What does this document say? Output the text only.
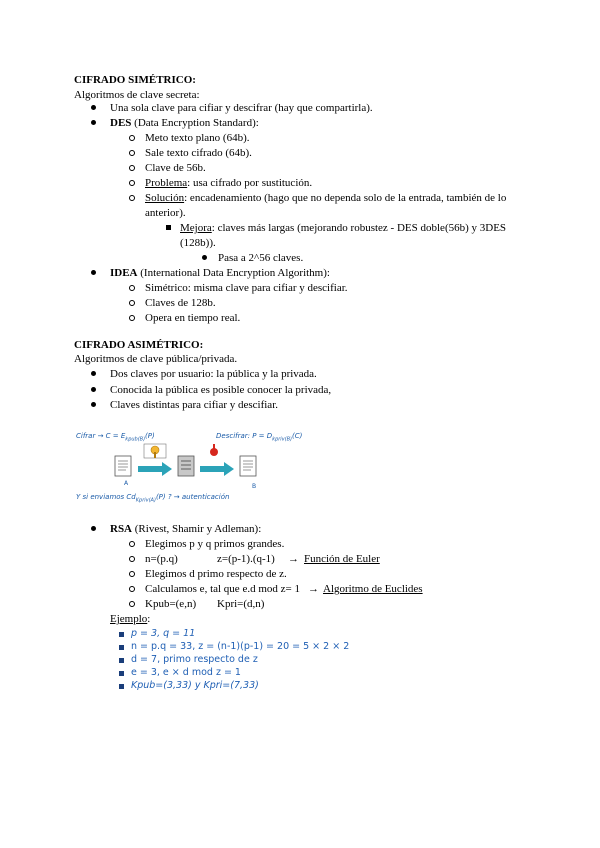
CIFRADO SIMÉTRICO:
Algoritmos de clave secreta:
Una sola clave para cifiar y descifrar (hay que compartirla).
DES (Data Encryption Standard):
Meto texto plano (64b).
Sale texto cifrado (64b).
Clave de 56b.
Problema: usa cifrado por sustitución.
Solución: encadenamiento (hago que no dependa solo de la entrada, también de lo anterior).
Mejora: claves más largas (mejorando robustez - DES doble(56b) y 3DES (128b)).
Pasa a 2^56 claves.
IDEA (International Data Encryption Algorithm):
Simétrico: misma clave para cifiar y descifiar.
Claves de 128b.
Opera en tiempo real.
CIFRADO ASIMÉTRICO:
Algoritmos de clave pública/privada.
Dos claves por usuario: la pública y la privada.
Conocida la pública es posible conocer la privada,
Claves distintas para cifiar y descifiar.
Cifrar → $C = E_{kpub(B)}(P)$	Descifrar: $P = D_{kpriv(B)}(C)$
A	B
Y si enviamos $Cd_{Kpriv(A)}(P)$ ? → autenticación
RSA (Rivest, Shamir y Adleman):
Elegimos p y q primos grandes.
n=(p.q)	z=(p-1).(q-1) → Función de Euler
Elegimos d primo respecto de z.
Calculamos e, tal que e.d mod z= 1 → Algoritmo de Euclides
Kpub=(e,n) Kpri=(d,n)
Ejemplo:
p = 3, q = 11
n = p.q = 33, z = (n-1)(p-1) = 20 = 5 × 2 × 2
d = 7, primo respecto de z
e = 3, e × d mod z = 1
Kpub=(3,33) y Kpri=(7,33)
